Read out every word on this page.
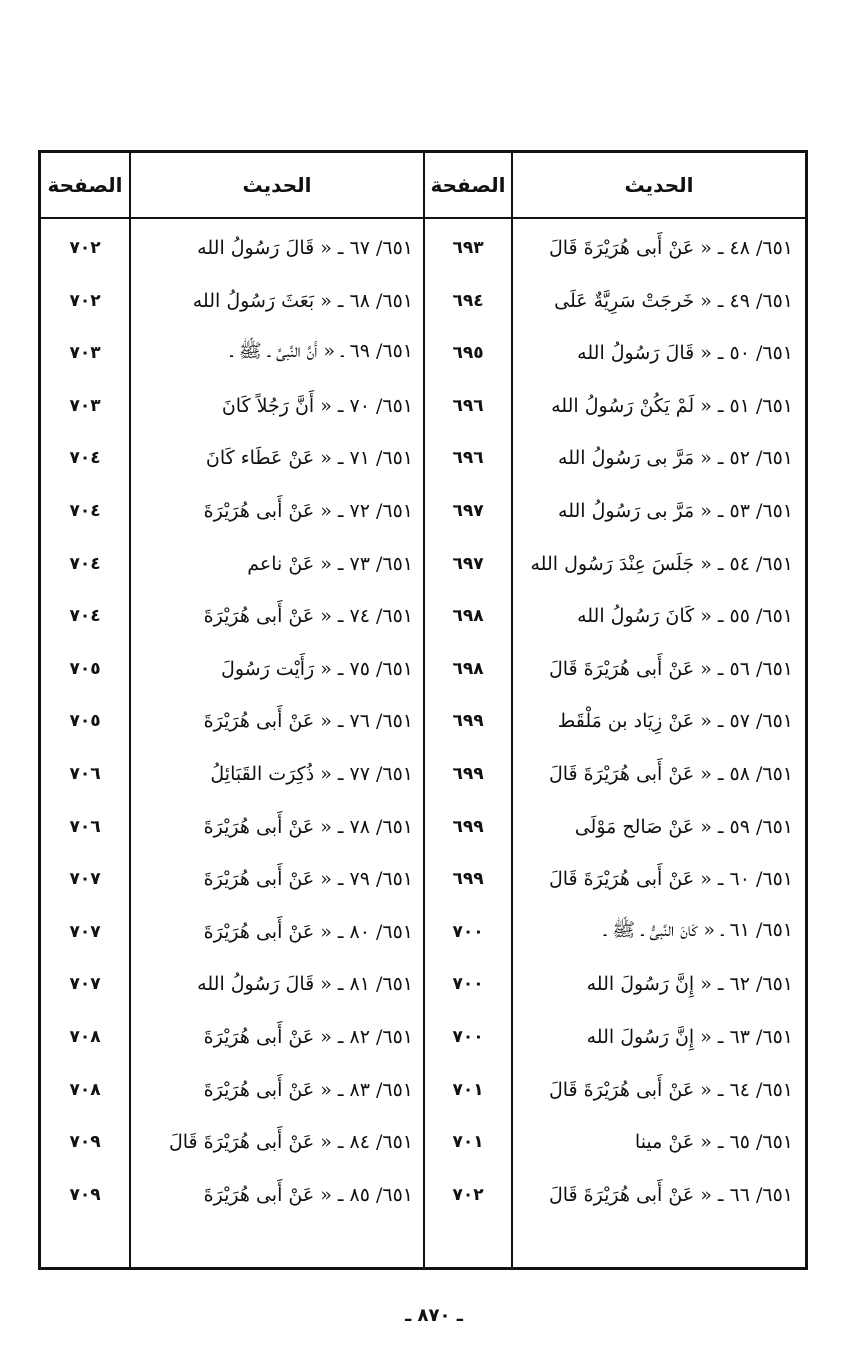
الحديث
الصفحة
الحديث
الصفحة
٦٥١/ ٤٨ ـ « عَنْ أَبى هُرَيْرَةَ قَالَ
٦٩٣
٦٥١/ ٦٧ ـ « قَالَ رَسُولُ الله
٧٠٢
٦٥١/ ٤٩ ـ « خَرجَتْ سَرِيَّةٌ عَلَى
٦٩٤
٦٥١/ ٦٨ ـ « بَعَثَ رَسُولُ الله
٧٠٢
٦٥١/ ٥٠ ـ « قَالَ رَسُولُ الله
٦٩٥
٦٥١/ ٦٩ ـ « أَنَّ النَّبىَّ ـ ﷺ ـ
٧٠٣
٦٥١/ ٥١ ـ « لَمْ يَكُنْ رَسُولُ الله
٦٩٦
٦٥١/ ٧٠ ـ « أَنَّ رَجُلاً كَانَ
٧٠٣
٦٥١/ ٥٢ ـ « مَرَّ بى رَسُولُ الله
٦٩٦
٦٥١/ ٧١ ـ « عَنْ عَطَاء كَانَ
٧٠٤
٦٥١/ ٥٣ ـ « مَرَّ بى رَسُولُ الله
٦٩٧
٦٥١/ ٧٢ ـ « عَنْ أَبى هُرَيْرَةَ
٧٠٤
٦٥١/ ٥٤ ـ « جَلَسَ عِنْدَ رَسُول الله
٦٩٧
٦٥١/ ٧٣ ـ « عَنْ ناعم
٧٠٤
٦٥١/ ٥٥ ـ « كَانَ رَسُولُ الله
٦٩٨
٦٥١/ ٧٤ ـ « عَنْ أَبى هُرَيْرَةَ
٧٠٤
٦٥١/ ٥٦ ـ « عَنْ أَبى هُرَيْرَةَ قَالَ
٦٩٨
٦٥١/ ٧٥ ـ « رَأَيْت رَسُولَ
٧٠٥
٦٥١/ ٥٧ ـ « عَنْ زِيَاد بن مَلْقَط
٦٩٩
٦٥١/ ٧٦ ـ « عَنْ أَبى هُرَيْرَةَ
٧٠٥
٦٥١/ ٥٨ ـ « عَنْ أَبى هُرَيْرَةَ قَالَ
٦٩٩
٦٥١/ ٧٧ ـ « ذُكِرَت القَبَائِلُ
٧٠٦
٦٥١/ ٥٩ ـ « عَنْ صَالح مَوْلَى
٦٩٩
٦٥١/ ٧٨ ـ « عَنْ أَبى هُرَيْرَةَ
٧٠٦
٦٥١/ ٦٠ ـ « عَنْ أَبى هُرَيْرَةَ قَالَ
٦٩٩
٦٥١/ ٧٩ ـ « عَنْ أَبى هُرَيْرَةَ
٧٠٧
٦٥١/ ٦١ ـ « كَانَ النَّبىُّ ـ ﷺ ـ
٧٠٠
٦٥١/ ٨٠ ـ « عَنْ أَبى هُرَيْرَةَ
٧٠٧
٦٥١/ ٦٢ ـ « إِنَّ رَسُولَ الله
٧٠٠
٦٥١/ ٨١ ـ « قَالَ رَسُولُ الله
٧٠٧
٦٥١/ ٦٣ ـ « إِنَّ رَسُولَ الله
٧٠٠
٦٥١/ ٨٢ ـ « عَنْ أَبى هُرَيْرَةَ
٧٠٨
٦٥١/ ٦٤ ـ « عَنْ أَبى هُرَيْرَةَ قَالَ
٧٠١
٦٥١/ ٨٣ ـ « عَنْ أَبى هُرَيْرَةَ
٧٠٨
٦٥١/ ٦٥ ـ « عَنْ مينا
٧٠١
٦٥١/ ٨٤ ـ « عَنْ أَبى هُرَيْرَةَ قَالَ
٧٠٩
٦٥١/ ٦٦ ـ « عَنْ أَبى هُرَيْرَةَ قَالَ
٧٠٢
٦٥١/ ٨٥ ـ « عَنْ أَبى هُرَيْرَةَ
٧٠٩
ـ ٨٧٠ ـ
